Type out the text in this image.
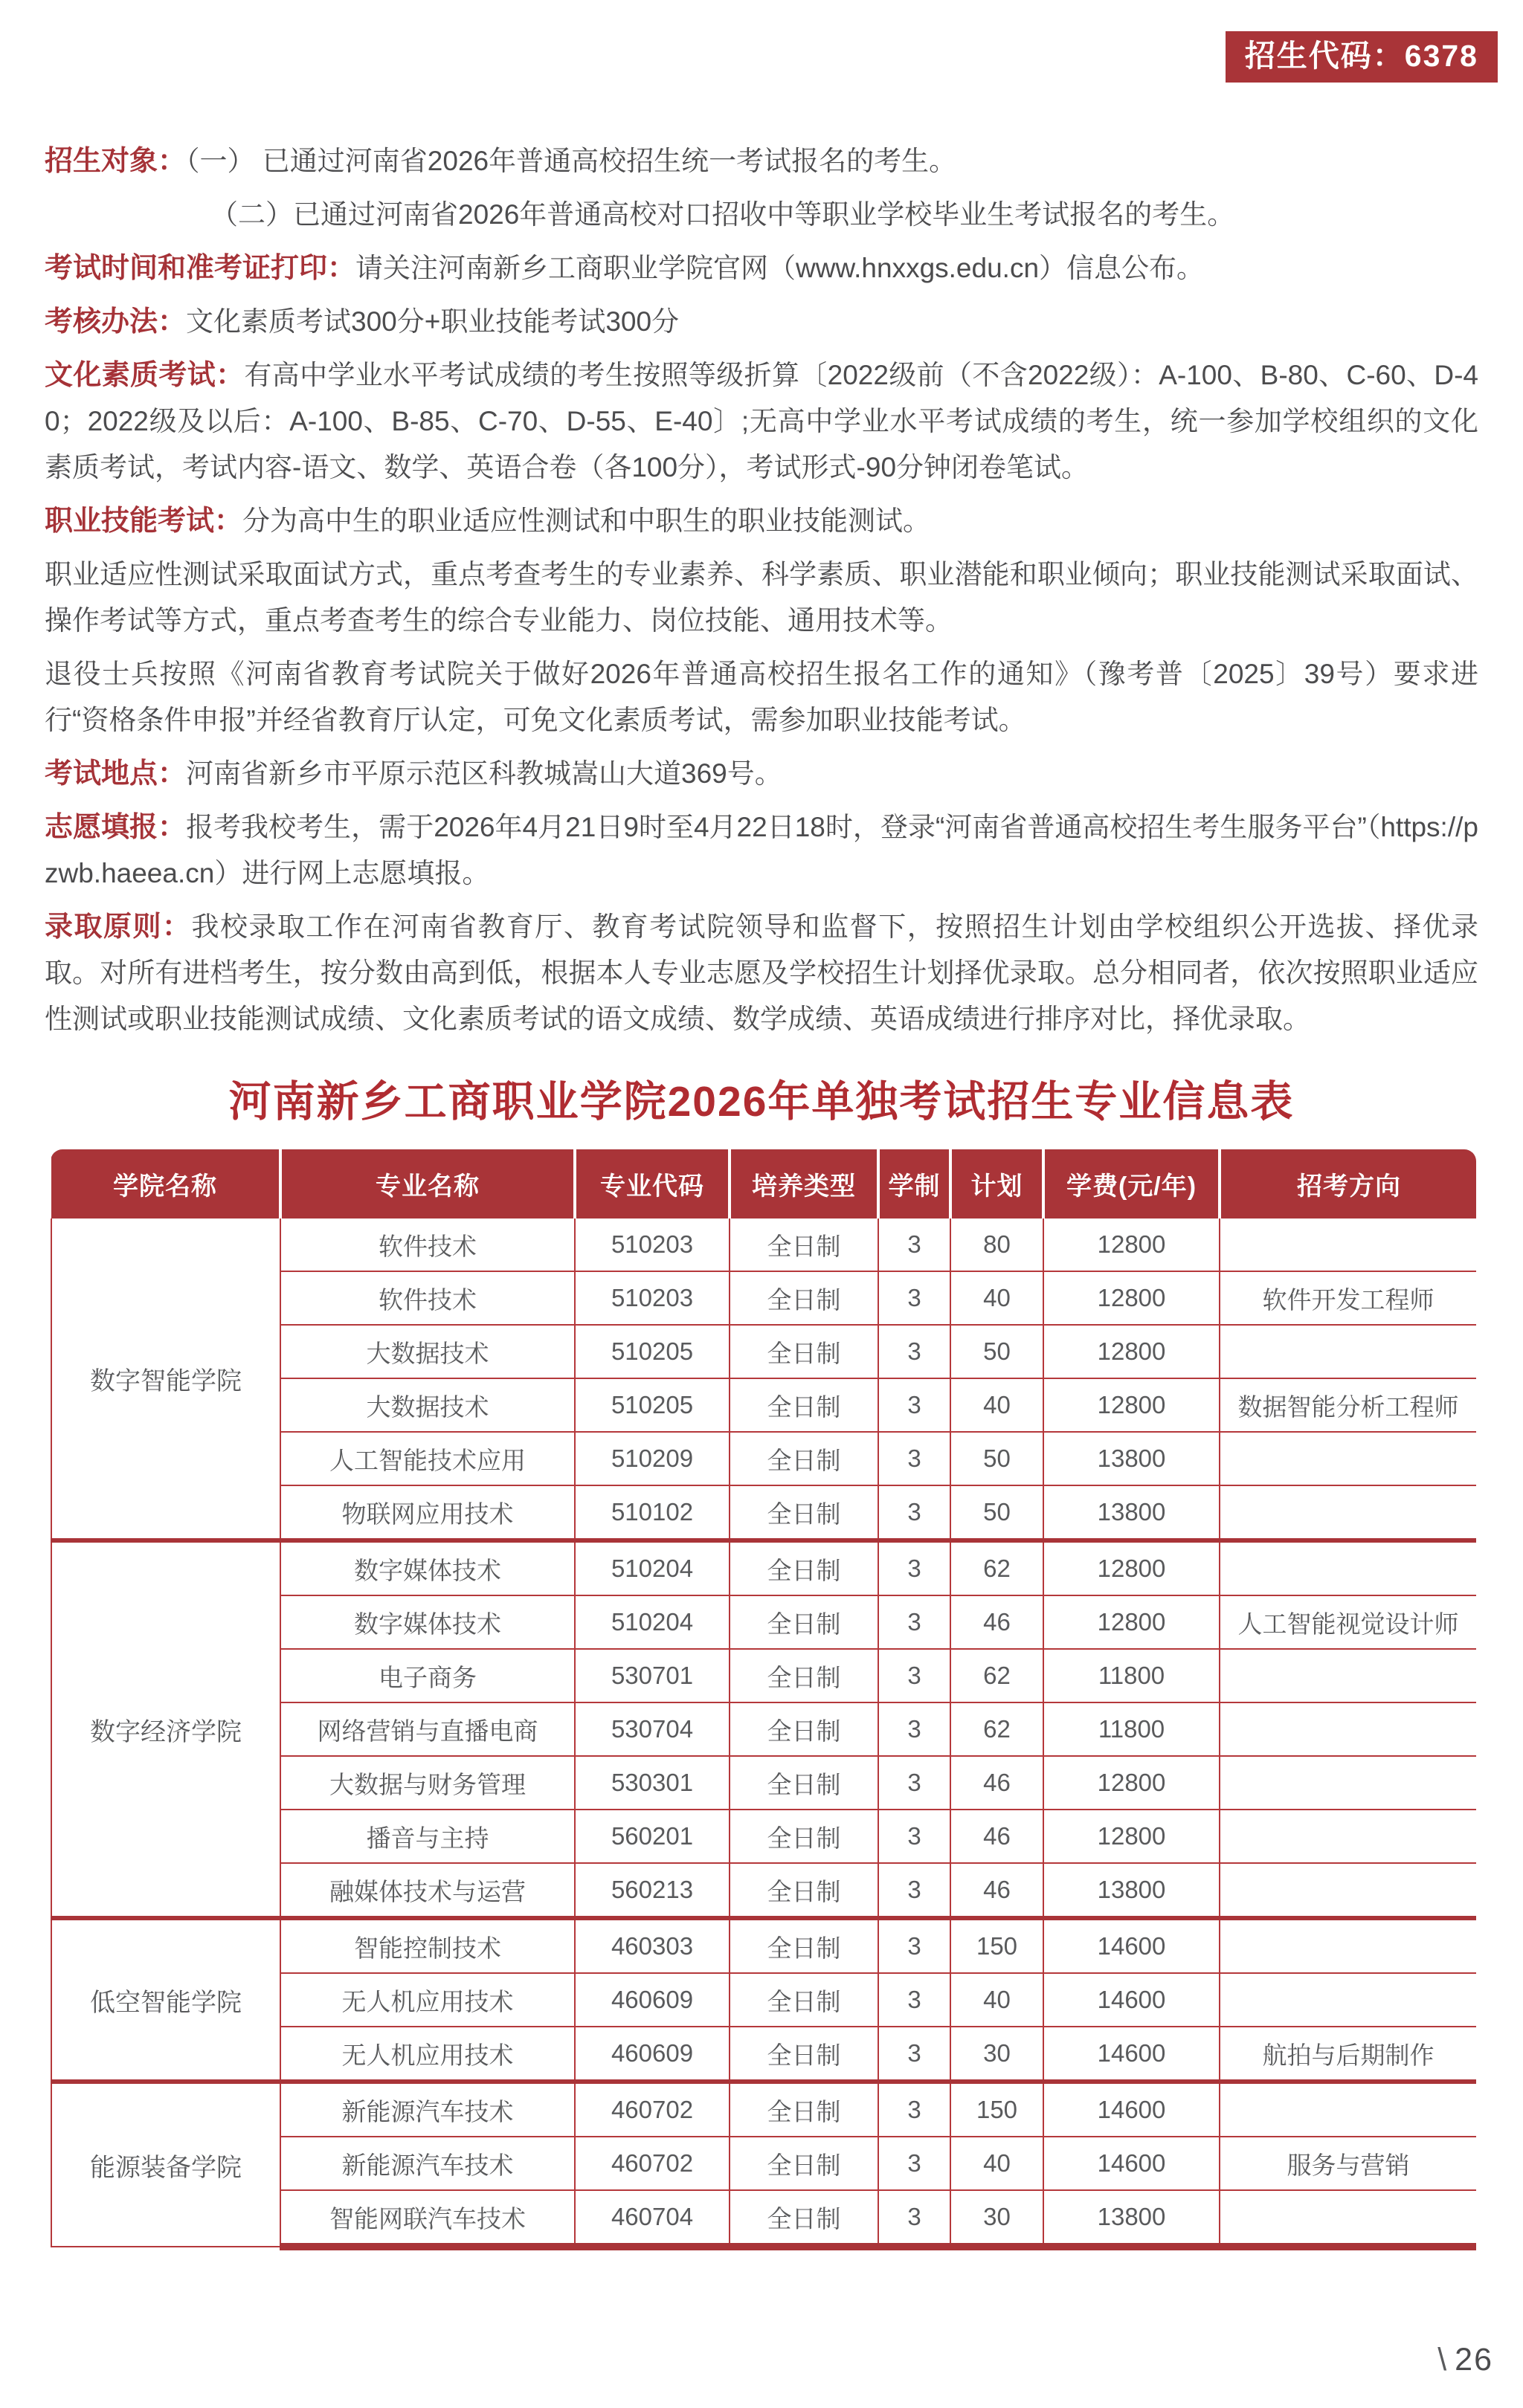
招生代码：6378
招生对象：（一） 已通过河南省2026年普通高校招生统一考试报名的考生。
（二）已通过河南省2026年普通高校对口招收中等职业学校毕业生考试报名的考生。
考试时间和准考证打印：请关注河南新乡工商职业学院官网（www.hnxxgs.edu.cn）信息公布。
考核办法：文化素质考试300分+职业技能考试300分
文化素质考试：有高中学业水平考试成绩的考生按照等级折算〔2022级前（不含2022级）：A-100、B-80、C-60、D-40；2022级及以后：A-100、B-85、C-70、D-55、E-40〕;无高中学业水平考试成绩的考生，统一参加学校组织的文化素质考试，考试内容-语文、数学、英语合卷（各100分），考试形式-90分钟闭卷笔试。
职业技能考试：分为高中生的职业适应性测试和中职生的职业技能测试。
职业适应性测试采取面试方式，重点考查考生的专业素养、科学素质、职业潜能和职业倾向；职业技能测试采取面试、操作考试等方式，重点考查考生的综合专业能力、岗位技能、通用技术等。
退役士兵按照《河南省教育考试院关于做好2026年普通高校招生报名工作的通知》（豫考普〔2025〕39号）要求进行“资格条件申报”并经省教育厅认定，可免文化素质考试，需参加职业技能考试。
考试地点：河南省新乡市平原示范区科教城嵩山大道369号。
志愿填报：报考我校考生，需于2026年4月21日9时至4月22日18时，登录“河南省普通高校招生考生服务平台”（https://pzwb.haeea.cn）进行网上志愿填报。
录取原则：我校录取工作在河南省教育厅、教育考试院领导和监督下，按照招生计划由学校组织公开选拔、择优录取。对所有进档考生，按分数由高到低，根据本人专业志愿及学校招生计划择优录取。总分相同者，依次按照职业适应性测试或职业技能测试成绩、文化素质考试的语文成绩、数学成绩、英语成绩进行排序对比，择优录取。
河南新乡工商职业学院2026年单独考试招生专业信息表
学院名称	专业名称	专业代码	培养类型	学制	计划	学费(元/年)	招考方向
数字智能学院	软件技术	510203	全日制	3	80	12800	
	软件技术	510203	全日制	3	40	12800	软件开发工程师
	大数据技术	510205	全日制	3	50	12800	
	大数据技术	510205	全日制	3	40	12800	数据智能分析工程师
	人工智能技术应用	510209	全日制	3	50	13800	
	物联网应用技术	510102	全日制	3	50	13800	
数字经济学院	数字媒体技术	510204	全日制	3	62	12800	
	数字媒体技术	510204	全日制	3	46	12800	人工智能视觉设计师
	电子商务	530701	全日制	3	62	11800	
	网络营销与直播电商	530704	全日制	3	62	11800	
	大数据与财务管理	530301	全日制	3	46	12800	
	播音与主持	560201	全日制	3	46	12800	
	融媒体技术与运营	560213	全日制	3	46	13800	
低空智能学院	智能控制技术	460303	全日制	3	150	14600	
	无人机应用技术	460609	全日制	3	40	14600	
	无人机应用技术	460609	全日制	3	30	14600	航拍与后期制作
能源装备学院	新能源汽车技术	460702	全日制	3	150	14600	
	新能源汽车技术	460702	全日制	3	40	14600	服务与营销
	智能网联汽车技术	460704	全日制	3	30	13800	
\ 26
